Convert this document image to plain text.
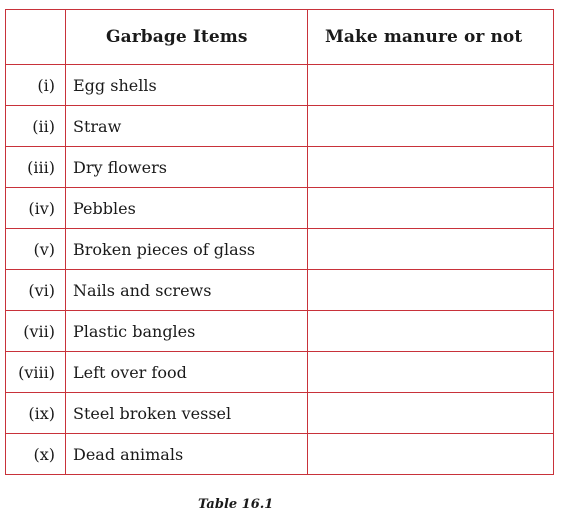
	Garbage Items	Make manure or not
(i)	Egg shells	
(ii)	Straw	
(iii)	Dry flowers	
(iv)	Pebbles	
(v)	Broken pieces of glass	
(vi)	Nails and screws	
(vii)	Plastic bangles	
(viii)	Left over food	
(ix)	Steel broken vessel	
(x)	Dead animals	
Table 16.1
